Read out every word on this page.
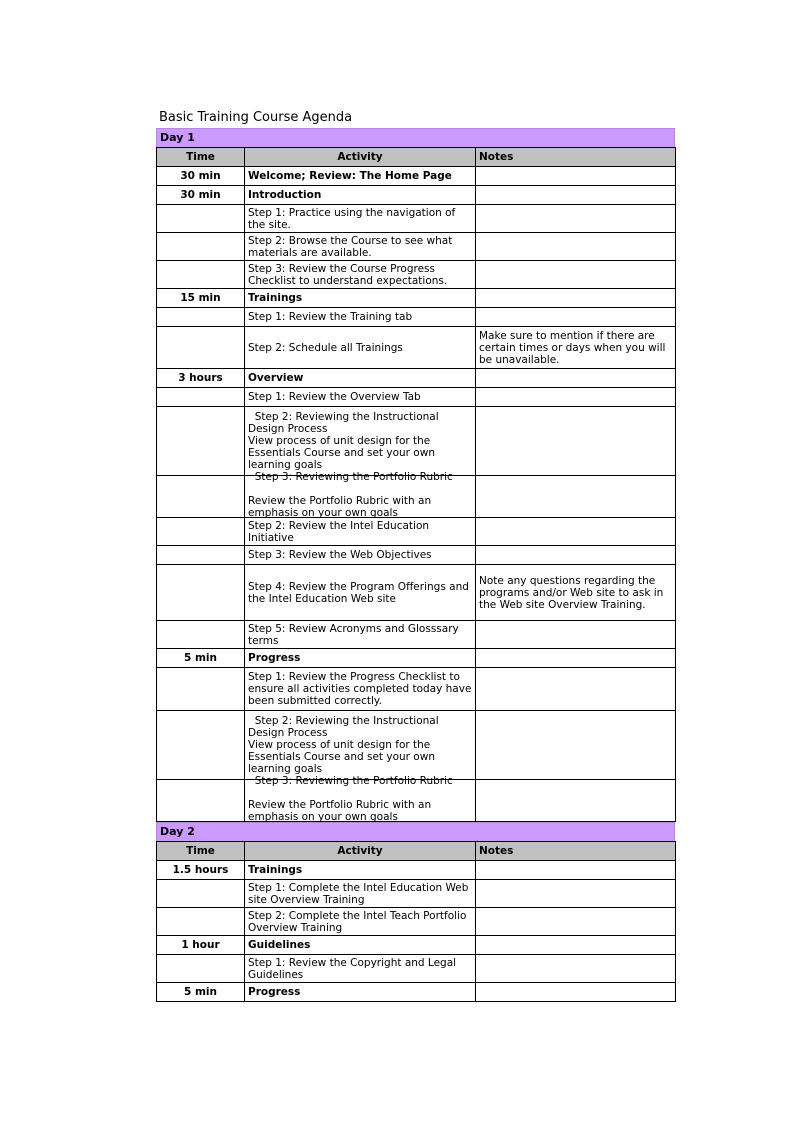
Basic Training Course Agenda
Day 1
Time	Activity	Notes
30 min	Welcome; Review: The Home Page	

30 min	Introduction	

	Step 1: Practice using the navigation of the site.	

	Step 2: Browse the Course to see what materials are available.	

	Step 3: Review the Course Progress Checklist to understand expectations.	

15 min	Trainings	

	Step 1: Review the Training tab	

	Step 2: Schedule all Trainings	Make sure to mention if there are certain times or days when you will be unavailable.
3 hours	Overview	

	Step 1: Review the Overview Tab	

	Step 2: Reviewing the Instructional Design Process
View process of unit design for the Essentials Course and set your own learning goals	

	Step 3: Reviewing the Portfolio Rubric

Review the Portfolio Rubric with an emphasis on your own goals	

	Step 2: Review the Intel Education Initiative	

	Step 3: Review the Web Objectives	

	Step 4: Review the Program Offerings and the Intel Education Web site	Note any questions regarding the programs and/or Web site to ask in the Web site Overview Training.

	Step 5: Review Acronyms and Glosssary terms	

5 min	Progress	

	Step 1: Review the Progress Checklist to ensure all activities completed today have been submitted correctly.	

	Step 2: Reviewing the Instructional Design Process
View process of unit design for the Essentials Course and set your own learning goals	

	Step 3: Reviewing the Portfolio Rubric

Review the Portfolio Rubric with an emphasis on your own goals	

Day 2
Time	Activity	Notes
1.5 hours	Trainings	

	Step 1: Complete the Intel Education Web site Overview Training	

	Step 2: Complete the Intel Teach Portfolio Overview Training	

1 hour	Guidelines	

	Step 1: Review the Copyright and Legal Guidelines	

5 min	Progress	
